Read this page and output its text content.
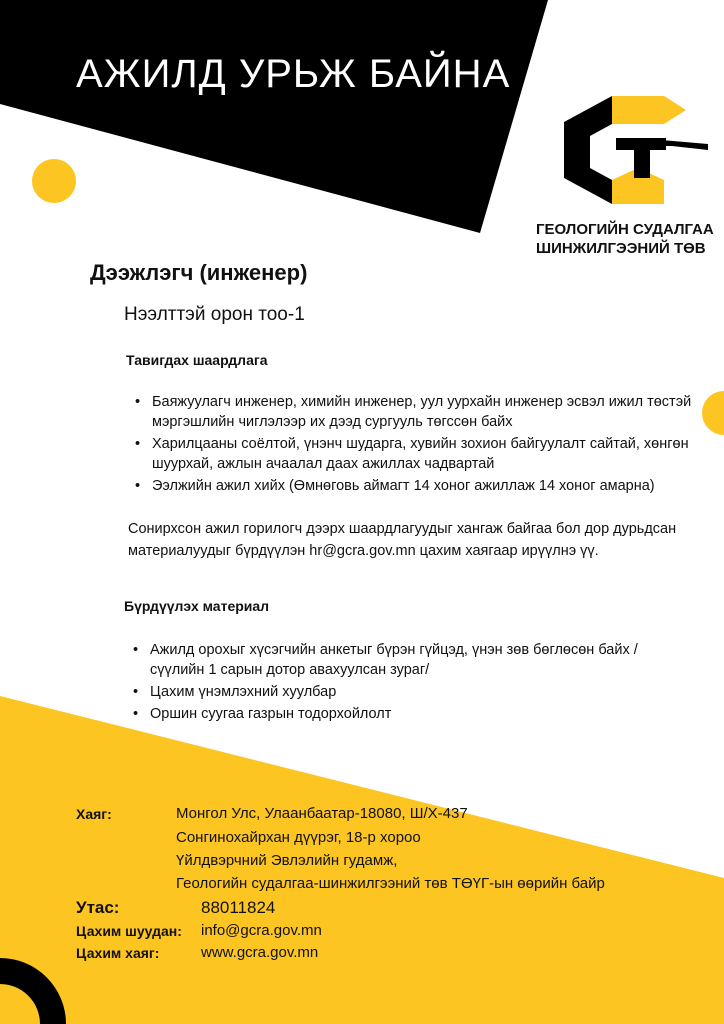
АЖИЛД УРЬЖ БАЙНА
ГЕОЛОГИЙН СУДАЛГАА
ШИНЖИЛГЭЭНИЙ ТӨВ
Дээжлэгч (инженер)
Нээлттэй орон тоо-1
Тавигдах шаардлага
• Баяжуулагч инженер, химийн инженер, уул уурхайн инженер эсвэл ижил төстэй мэргэшлийн чиглэлээр их дээд сургууль төгссөн байх
• Харилцааны соёлтой, үнэнч шударга, хувийн зохион байгуулалт сайтай, хөнгөн шуурхай, ажлын ачаалал даах ажиллах чадвартай
• Ээлжийн ажил хийх (Өмнөговь аймагт 14 хоног ажиллаж 14 хоног амарна)
Сонирхсон ажил горилогч дээрх шаардлагуудыг хангаж байгаа бол дор дурьдсан материалуудыг бүрдүүлэн hr@gcra.gov.mn цахим хаягаар ирүүлнэ үү.
Бүрдүүлэх материал
• Ажилд орохыг хүсэгчийн анкетыг бүрэн гүйцэд, үнэн зөв бөглөсөн байх /
сүүлийн 1 сарын дотор авахуулсан зураг/
• Цахим үнэмлэхний хуулбар
• Оршин суугаа газрын тодорхойлолт
Хаяг:	Монгол Улс, Улаанбаатар-18080, Ш/Х-437
Сонгинохайрхан дүүрэг, 18-р хороо
Үйлдвэрчний Эвлэлийн гудамж,
Геологийн судалгаа-шинжилгээний төв ТӨҮГ-ын өөрийн байр
Утас:	88011824
Цахим шуудан: info@gcra.gov.mn
Цахим хаяг:	www.gcra.gov.mn
